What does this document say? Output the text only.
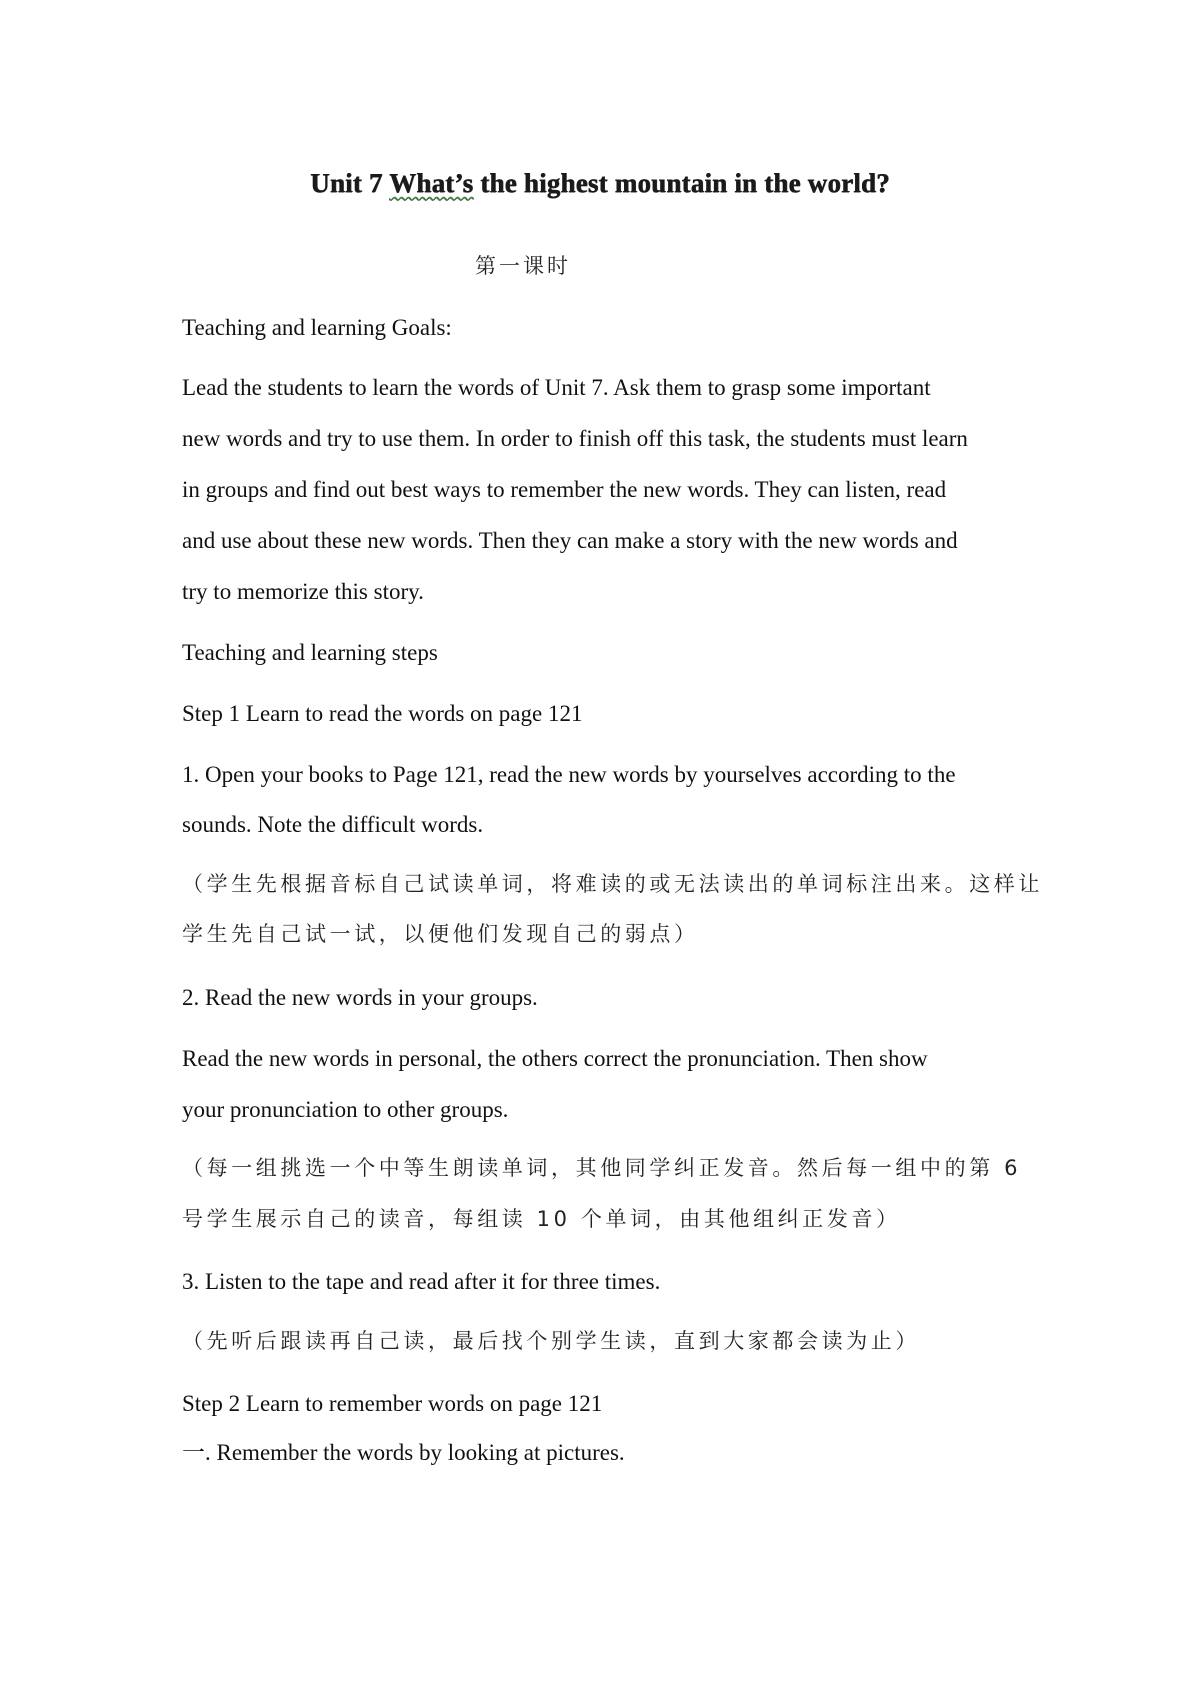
Unit 7 What’s the highest mountain in the world?
第一课时
Teaching and learning Goals:
Lead the students to learn the words of Unit 7. Ask them to grasp some important
new words and try to use them. In order to finish off this task, the students must learn
in groups and find out best ways to remember the new words. They can listen, read
and use about these new words. Then they can make a story with the new words and
try to memorize this story.
Teaching and learning steps
Step 1 Learn to read the words on page 121
1. Open your books to Page 121, read the new words by yourselves according to the
sounds. Note the difficult words.
（学生先根据音标自己试读单词，将难读的或无法读出的单词标注出来。这样让
学生先自己试一试，以便他们发现自己的弱点）
2. Read the new words in your groups.
Read the new words in personal, the others correct the pronunciation. Then show
your pronunciation to other groups.
（每一组挑选一个中等生朗读单词，其他同学纠正发音。然后每一组中的第 6
号学生展示自己的读音，每组读 10 个单词，由其他组纠正发音）
3. Listen to the tape and read after it for three times.
（先听后跟读再自己读，最后找个别学生读，直到大家都会读为止）
Step 2 Learn to remember words on page 121
一. Remember the words by looking at pictures.
